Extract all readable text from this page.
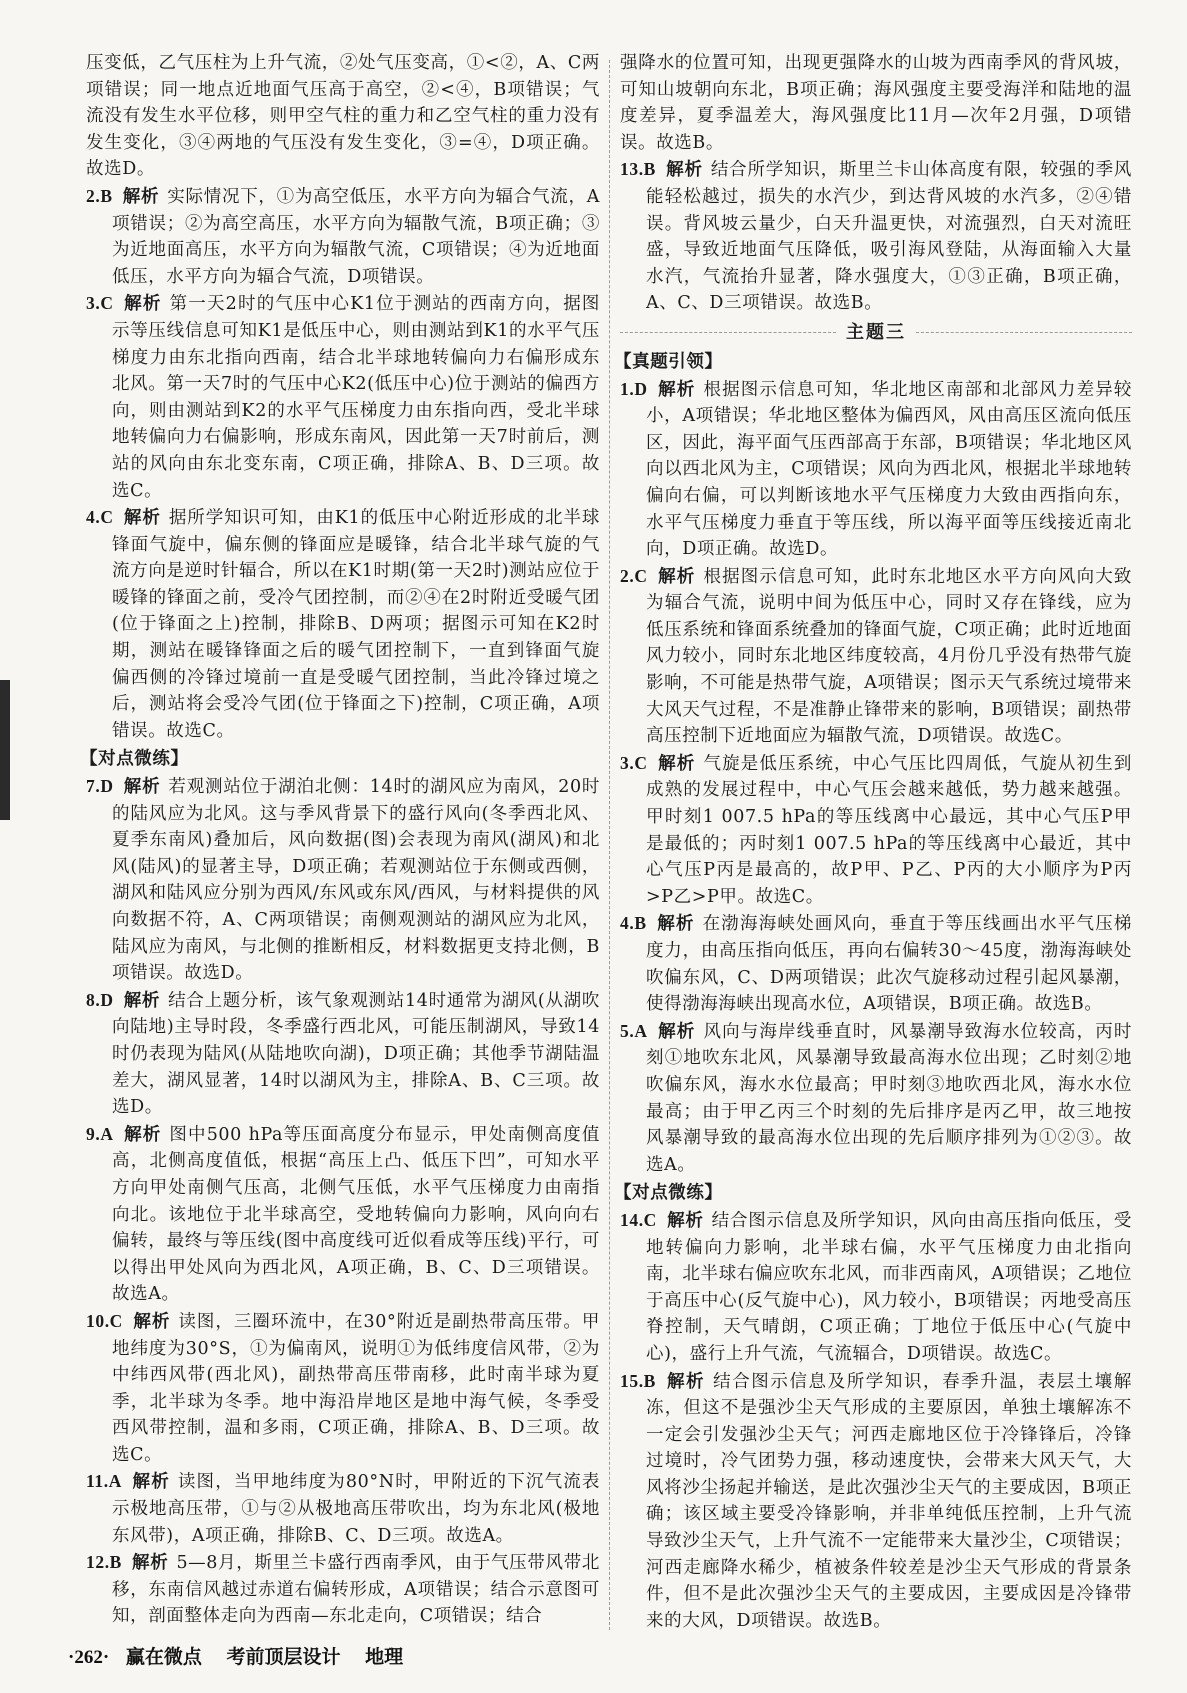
压变低，乙气压柱为上升气流，②处气压变高，①<②，A、C两项错误；同一地点近地面气压高于高空，②<④，B项错误；气流没有发生水平位移，则甲空气柱的重力和乙空气柱的重力没有发生变化，③④两地的气压没有发生变化，③=④，D项正确。故选D。

2.B 解析 实际情况下，①为高空低压，水平方向为辐合气流，A项错误；②为高空高压，水平方向为辐散气流，B项正确；③为近地面高压，水平方向为辐散气流，C项错误；④为近地面低压，水平方向为辐合气流，D项错误。

3.C 解析 第一天2时的气压中心K1位于测站的西南方向，据图示等压线信息可知K1是低压中心，则由测站到K1的水平气压梯度力由东北指向西南，结合北半球地转偏向力右偏形成东北风。第一天7时的气压中心K2(低压中心)位于测站的偏西方向，则由测站到K2的水平气压梯度力由东指向西，受北半球地转偏向力右偏影响，形成东南风，因此第一天7时前后，测站的风向由东北变东南，C项正确，排除A、B、D三项。故选C。

4.C 解析 据所学知识可知，由K1的低压中心附近形成的北半球锋面气旋中，偏东侧的锋面应是暖锋，结合北半球气旋的气流方向是逆时针辐合，所以在K1时期(第一天2时)测站应位于暖锋的锋面之前，受冷气团控制，而②④在2时附近受暖气团(位于锋面之上)控制，排除B、D两项；据图示可知在K2时期，测站在暖锋锋面之后的暖气团控制下，一直到锋面气旋偏西侧的冷锋过境前一直是受暖气团控制，当此冷锋过境之后，测站将会受冷气团(位于锋面之下)控制，C项正确，A项错误。故选C。

【对点微练】

7.D 解析 若观测站位于湖泊北侧：14时的湖风应为南风，20时的陆风应为北风。这与季风背景下的盛行风向(冬季西北风、夏季东南风)叠加后，风向数据(图)会表现为南风(湖风)和北风(陆风)的显著主导，D项正确；若观测站位于东侧或西侧，湖风和陆风应分别为西风/东风或东风/西风，与材料提供的风向数据不符，A、C两项错误；南侧观测站的湖风应为北风，陆风应为南风，与北侧的推断相反，材料数据更支持北侧，B项错误。故选D。

8.D 解析 结合上题分析，该气象观测站14时通常为湖风(从湖吹向陆地)主导时段，冬季盛行西北风，可能压制湖风，导致14时仍表现为陆风(从陆地吹向湖)，D项正确；其他季节湖陆温差大，湖风显著，14时以湖风为主，排除A、B、C三项。故选D。

9.A 解析 图中500 hPa等压面高度分布显示，甲处南侧高度值高，北侧高度值低，根据“高压上凸、低压下凹”，可知水平方向甲处南侧气压高，北侧气压低，水平气压梯度力由南指向北。该地位于北半球高空，受地转偏向力影响，风向向右偏转，最终与等压线(图中高度线可近似看成等压线)平行，可以得出甲处风向为西北风，A项正确，B、C、D三项错误。故选A。

10.C 解析 读图，三圈环流中，在30°附近是副热带高压带。甲地纬度为30°S，①为偏南风，说明①为低纬度信风带，②为中纬西风带(西北风)，副热带高压带南移，此时南半球为夏季，北半球为冬季。地中海沿岸地区是地中海气候，冬季受西风带控制，温和多雨，C项正确，排除A、B、D三项。故选C。

11.A 解析 读图，当甲地纬度为80°N时，甲附近的下沉气流表示极地高压带，①与②从极地高压带吹出，均为东北风(极地东风带)，A项正确，排除B、C、D三项。故选A。

12.B 解析 5—8月，斯里兰卡盛行西南季风，由于气压带风带北移，东南信风越过赤道右偏转形成，A项错误；结合示意图可知，剖面整体走向为西南—东北走向，C项错误；结合

强降水的位置可知，出现更强降水的山坡为西南季风的背风坡，可知山坡朝向东北，B项正确；海风强度主要受海洋和陆地的温度差异，夏季温差大，海风强度比11月—次年2月强，D项错误。故选B。

13.B 解析 结合所学知识，斯里兰卡山体高度有限，较强的季风能轻松越过，损失的水汽少，到达背风坡的水汽多，②④错误。背风坡云量少，白天升温更快，对流强烈，白天对流旺盛，导致近地面气压降低，吸引海风登陆，从海面输入大量水汽，气流抬升显著，降水强度大，①③正确，B项正确，A、C、D三项错误。故选B。

主题三

【真题引领】

1.D 解析 根据图示信息可知，华北地区南部和北部风力差异较小，A项错误；华北地区整体为偏西风，风由高压区流向低压区，因此，海平面气压西部高于东部，B项错误；华北地区风向以西北风为主，C项错误；风向为西北风，根据北半球地转偏向右偏，可以判断该地水平气压梯度力大致由西指向东，水平气压梯度力垂直于等压线，所以海平面等压线接近南北向，D项正确。故选D。

2.C 解析 根据图示信息可知，此时东北地区水平方向风向大致为辐合气流，说明中间为低压中心，同时又存在锋线，应为低压系统和锋面系统叠加的锋面气旋，C项正确；此时近地面风力较小，同时东北地区纬度较高，4月份几乎没有热带气旋影响，不可能是热带气旋，A项错误；图示天气系统过境带来大风天气过程，不是准静止锋带来的影响，B项错误；副热带高压控制下近地面应为辐散气流，D项错误。故选C。

3.C 解析 气旋是低压系统，中心气压比四周低，气旋从初生到成熟的发展过程中，中心气压会越来越低，势力越来越强。甲时刻1 007.5 hPa的等压线离中心最远，其中心气压P甲是最低的；丙时刻1 007.5 hPa的等压线离中心最近，其中心气压P丙是最高的，故P甲、P乙、P丙的大小顺序为P丙>P乙>P甲。故选C。

4.B 解析 在渤海海峡处画风向，垂直于等压线画出水平气压梯度力，由高压指向低压，再向右偏转30～45度，渤海海峡处吹偏东风，C、D两项错误；此次气旋移动过程引起风暴潮，使得渤海海峡出现高水位，A项错误，B项正确。故选B。

5.A 解析 风向与海岸线垂直时，风暴潮导致海水位较高，丙时刻①地吹东北风，风暴潮导致最高海水位出现；乙时刻②地吹偏东风，海水水位最高；甲时刻③地吹西北风，海水水位最高；由于甲乙丙三个时刻的先后排序是丙乙甲，故三地按风暴潮导致的最高海水位出现的先后顺序排列为①②③。故选A。

【对点微练】

14.C 解析 结合图示信息及所学知识，风向由高压指向低压，受地转偏向力影响，北半球右偏，水平气压梯度力由北指向南，北半球右偏应吹东北风，而非西南风，A项错误；乙地位于高压中心(反气旋中心)，风力较小，B项错误；丙地受高压脊控制，天气晴朗，C项正确；丁地位于低压中心(气旋中心)，盛行上升气流，气流辐合，D项错误。故选C。

15.B 解析 结合图示信息及所学知识，春季升温，表层土壤解冻，但这不是强沙尘天气形成的主要原因，单独土壤解冻不一定会引发强沙尘天气；河西走廊地区位于冷锋锋后，冷锋过境时，冷气团势力强，移动速度快，会带来大风天气，大风将沙尘扬起并输送，是此次强沙尘天气的主要成因，B项正确；该区域主要受冷锋影响，并非单纯低压控制，上升气流导致沙尘天气，上升气流不一定能带来大量沙尘，C项错误；河西走廊降水稀少，植被条件较差是沙尘天气形成的背景条件，但不是此次强沙尘天气的主要成因，主要成因是冷锋带来的大风，D项错误。故选B。

·262· 赢在微点 考前顶层设计 地理
